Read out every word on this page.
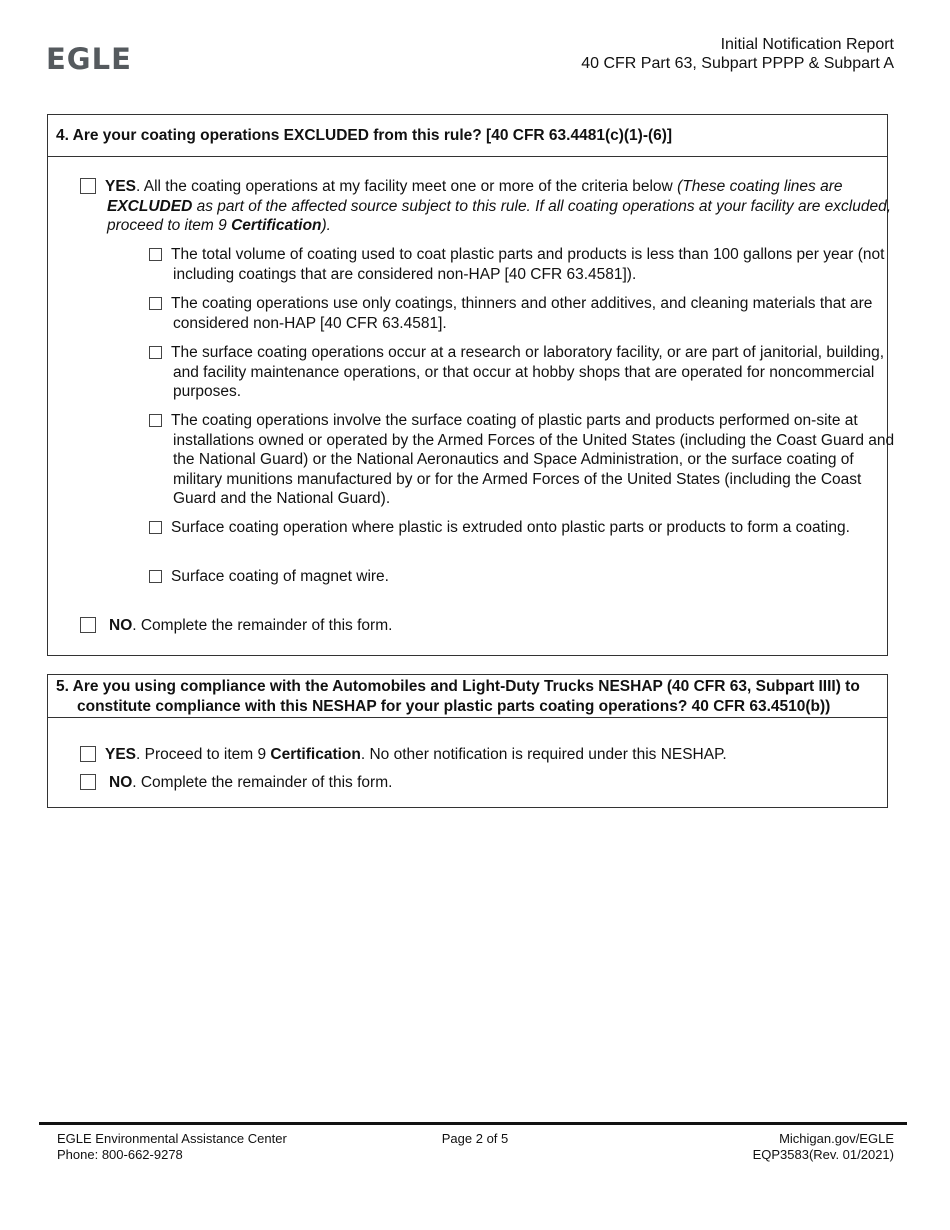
EGLE	Initial Notification Report
40 CFR Part 63, Subpart PPPP & Subpart A
4. Are your coating operations EXCLUDED from this rule? [40 CFR 63.4481(c)(1)-(6)]
YES. All the coating operations at my facility meet one or more of the criteria below (These coating lines are EXCLUDED as part of the affected source subject to this rule. If all coating operations at your facility are excluded, proceed to item 9 Certification).
The total volume of coating used to coat plastic parts and products is less than 100 gallons per year (not including coatings that are considered non-HAP [40 CFR 63.4581]).
The coating operations use only coatings, thinners and other additives, and cleaning materials that are considered non-HAP [40 CFR 63.4581].
The surface coating operations occur at a research or laboratory facility, or are part of janitorial, building, and facility maintenance operations, or that occur at hobby shops that are operated for noncommercial purposes.
The coating operations involve the surface coating of plastic parts and products performed on-site at installations owned or operated by the Armed Forces of the United States (including the Coast Guard and the National Guard) or the National Aeronautics and Space Administration, or the surface coating of military munitions manufactured by or for the Armed Forces of the United States (including the Coast Guard and the National Guard).
Surface coating operation where plastic is extruded onto plastic parts or products to form a coating.
Surface coating of magnet wire.
NO. Complete the remainder of this form.
5. Are you using compliance with the Automobiles and Light-Duty Trucks NESHAP (40 CFR 63, Subpart IIII) to constitute compliance with this NESHAP for your plastic parts coating operations? 40 CFR 63.4510(b))
YES. Proceed to item 9 Certification. No other notification is required under this NESHAP.
NO. Complete the remainder of this form.
EGLE Environmental Assistance Center
Phone: 800-662-9278
Page 2 of 5	Michigan.gov/EGLE
EQP3583(Rev. 01/2021)
